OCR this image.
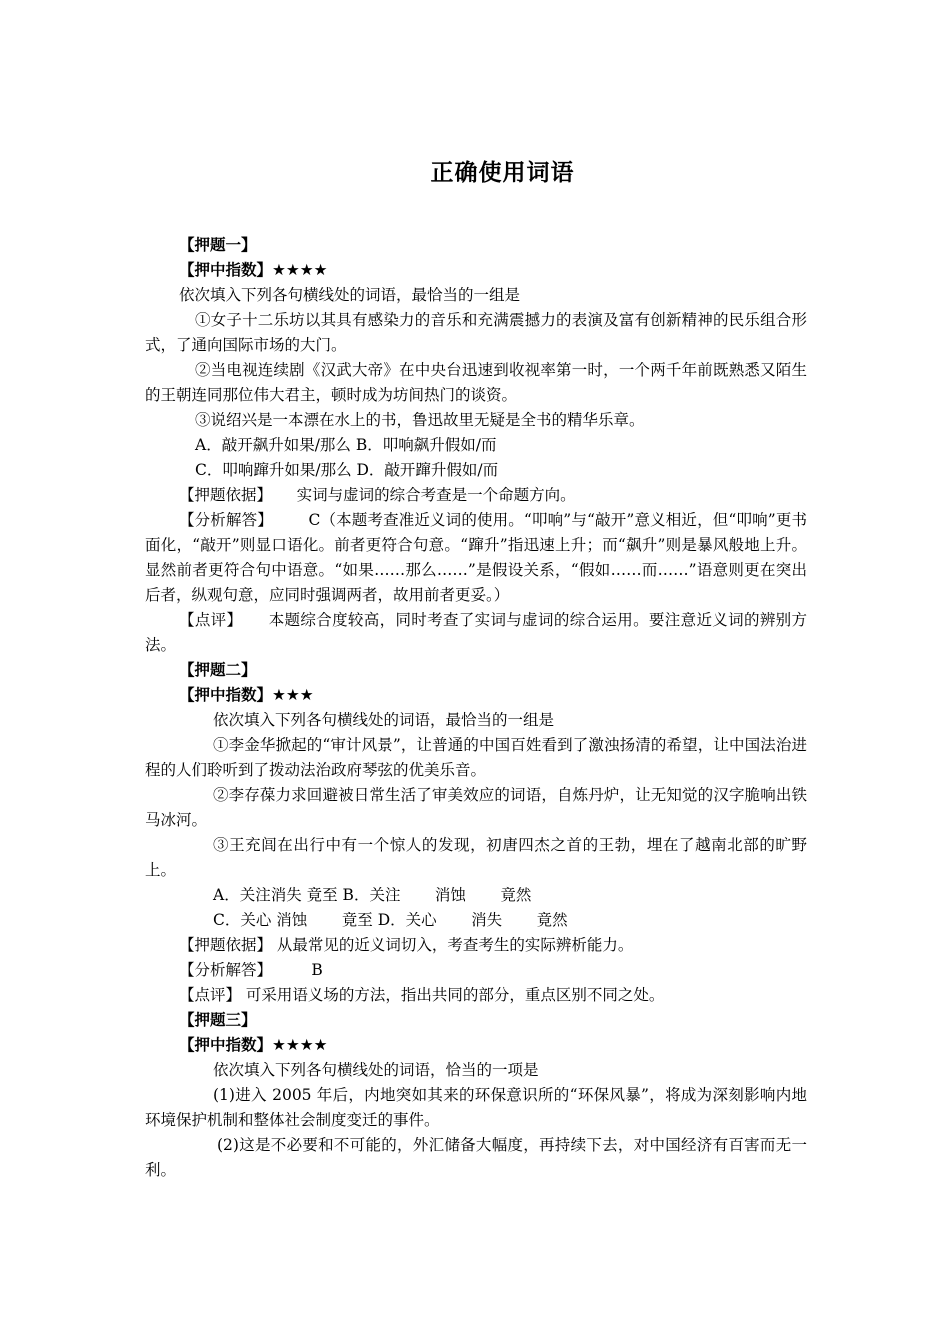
正确使用词语

【押题一】

【押中指数】★★★★

依次填入下列各句横线处的词语，最恰当的一组是

①女子十二乐坊以其具有感染力的音乐和充满震撼力的表演及富有创新精神的民乐组合形式，了通向国际市场的大门。

②当电视连续剧《汉武大帝》在中央台迅速到收视率第一时，一个两千年前既熟悉又陌生的王朝连同那位伟大君主，顿时成为坊间热门的谈资。

③说绍兴是一本漂在水上的书，鲁迅故里无疑是全书的精华乐章。

A．敲开飙升如果/那么 B．叩响飙升假如/而

C．叩响蹿升如果/那么 D．敲开蹿升假如/而

【押题依据】     实词与虚词的综合考查是一个命题方向。

【分析解答】       C（本题考查准近义词的使用。“叩响”与“敲开”意义相近，但“叩响”更书面化，“敲开”则显口语化。前者更符合句意。“蹿升”指迅速上升；而“飙升”则是暴风般地上升。显然前者更符合句中语意。“如果……那么……”是假设关系，“假如……而……”语意则更在突出后者，纵观句意，应同时强调两者，故用前者更妥。）

【点评】     本题综合度较高，同时考查了实词与虚词的综合运用。要注意近义词的辨别方法。

【押题二】

【押中指数】★★★

依次填入下列各句横线处的词语，最恰当的一组是

①李金华掀起的“审计风景”，让普通的中国百姓看到了激浊扬清的希望，让中国法治进程的人们聆听到了拨动法治政府琴弦的优美乐音。

②李存葆力求回避被日常生活了审美效应的词语，自炼丹炉，让无知觉的汉字脆响出铁马冰河。

③王充闾在出行中有一个惊人的发现，初唐四杰之首的王勃，埋在了越南北部的旷野上。

A．关注消失 竟至 B．关注       消蚀       竟然

C．关心 消蚀       竟至 D．关心       消失       竟然

【押题依据】 从最常见的近义词切入，考查考生的实际辨析能力。

【分析解答】        B

【点评】 可采用语义场的方法，指出共同的部分，重点区别不同之处。

【押题三】

【押中指数】★★★★

依次填入下列各句横线处的词语，恰当的一项是

(1)进入 2005 年后，内地突如其来的环保意识所的“环保风暴”，将成为深刻影响内地环境保护机制和整体社会制度变迁的事件。

(2)这是不必要和不可能的，外汇储备大幅度，再持续下去，对中国经济有百害而无一利。
